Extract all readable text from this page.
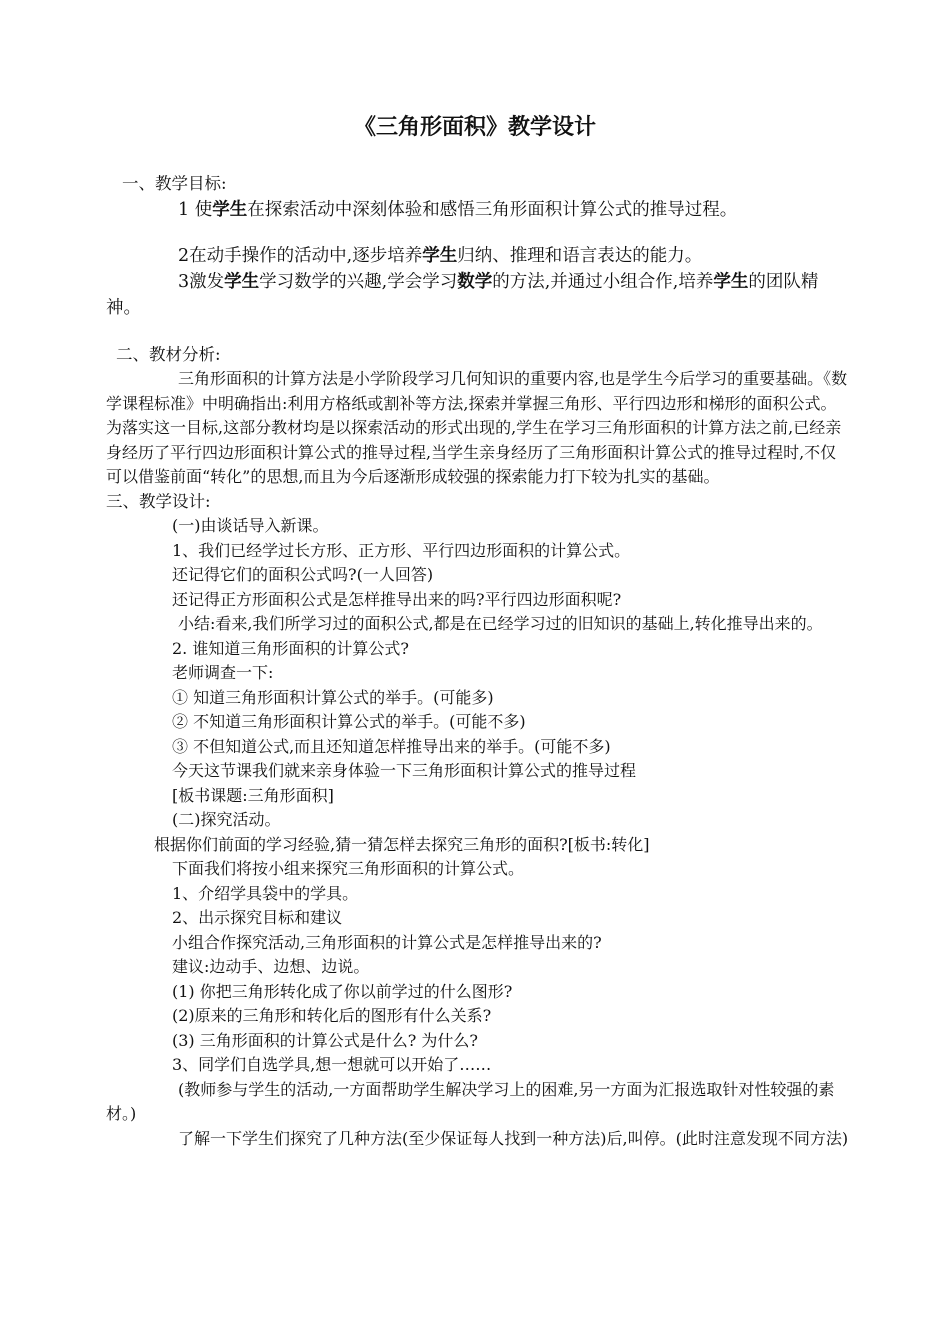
《三角形面积》教学设计

一、教学目标:

1 使学生在探索活动中深刻体验和感悟三角形面积计算公式的推导过程。

2在动手操作的活动中,逐步培养学生归纳、推理和语言表达的能力。

3激发学生学习数学的兴趣,学会学习数学的方法,并通过小组合作,培养学生的团队精神。

二、教材分析:

三角形面积的计算方法是小学阶段学习几何知识的重要内容,也是学生今后学习的重要基础。《数学课程标准》中明确指出:利用方格纸或割补等方法,探索并掌握三角形、平行四边形和梯形的面积公式。为落实这一目标,这部分教材均是以探索活动的形式出现的,学生在学习三角形面积的计算方法之前,已经亲身经历了平行四边形面积计算公式的推导过程,当学生亲身经历了三角形面积计算公式的推导过程时,不仅可以借鉴前面“转化”的思想,而且为今后逐渐形成较强的探索能力打下较为扎实的基础。

三、教学设计:

(一)由谈话导入新课。

1、我们已经学过长方形、正方形、平行四边形面积的计算公式。

还记得它们的面积公式吗?(一人回答)

还记得正方形面积公式是怎样推导出来的吗?平行四边形面积呢?

小结:看来,我们所学习过的面积公式,都是在已经学习过的旧知识的基础上,转化推导出来的。

2. 谁知道三角形面积的计算公式?

老师调查一下:

① 知道三角形面积计算公式的举手。(可能多)

② 不知道三角形面积计算公式的举手。(可能不多)

③ 不但知道公式,而且还知道怎样推导出来的举手。(可能不多)

今天这节课我们就来亲身体验一下三角形面积计算公式的推导过程

[板书课题:三角形面积]

(二)探究活动。

根据你们前面的学习经验,猜一猜怎样去探究三角形的面积?[板书:转化]

下面我们将按小组来探究三角形面积的计算公式。

1、介绍学具袋中的学具。

2、出示探究目标和建议

小组合作探究活动,三角形面积的计算公式是怎样推导出来的?

建议:边动手、边想、边说。

(1) 你把三角形转化成了你以前学过的什么图形?

(2)原来的三角形和转化后的图形有什么关系?

(3) 三角形面积的计算公式是什么? 为什么?

3、同学们自选学具,想一想就可以开始了……

(教师参与学生的活动,一方面帮助学生解决学习上的困难,另一方面为汇报选取针对性较强的素材。)

了解一下学生们探究了几种方法(至少保证每人找到一种方法)后,叫停。(此时注意发现不同方法)
